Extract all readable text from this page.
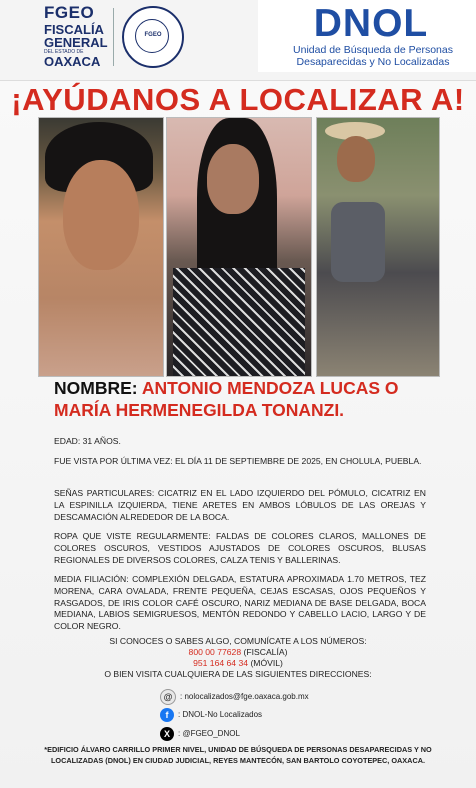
FGEO
FISCALÍA
GENERAL
DEL ESTADO DE
OAXACA
FGEO	DNOL
Unidad de Búsqueda de Personas
Desaparecidas y No Localizadas
¡AYÚDANOS A LOCALIZAR A!
NOMBRE: ANTONIO MENDOZA LUCAS O MARÍA HERMENEGILDA TONANZI.
EDAD: 31 AÑOS.
FUE VISTA POR ÚLTIMA VEZ: EL DÍA 11 DE SEPTIEMBRE DE 2025, EN CHOLULA, PUEBLA.
SEÑAS PARTICULARES: CICATRIZ EN EL LADO IZQUIERDO DEL PÓMULO, CICATRIZ EN LA ESPINILLA IZQUIERDA, TIENE ARETES EN AMBOS LÓBULOS DE LAS OREJAS Y DESCAMACIÓN ALREDEDOR DE LA BOCA.
ROPA QUE VISTE REGULARMENTE: FALDAS DE COLORES CLAROS, MALLONES DE COLORES OSCUROS, VESTIDOS AJUSTADOS DE COLORES OSCUROS, BLUSAS REGIONALES DE DIVERSOS COLORES, CALZA TENIS Y BALLERINAS.
MEDIA FILIACIÓN: COMPLEXIÓN DELGADA, ESTATURA APROXIMADA 1.70 METROS, TEZ MORENA, CARA OVALADA, FRENTE PEQUEÑA, CEJAS ESCASAS, OJOS PEQUEÑOS Y RASGADOS, DE IRIS COLOR CAFÉ OSCURO, NARIZ MEDIANA DE BASE DELGADA, BOCA MEDIANA, LABIOS SEMIGRUESOS, MENTÓN REDONDO Y CABELLO LACIO, LARGO Y DE COLOR NEGRO.
SI CONOCES O SABES ALGO, COMUNÍCATE A LOS NÚMEROS:
800 00 77628 (FISCALÍA)
951 164 64 34 (MÓVIL)
O BIEN VISITA CUALQUIERA DE LAS SIGUIENTES DIRECCIONES:
@ : nolocalizados@fge.oaxaca.gob.mx
f : DNOL-No Localizados
X : @FGEO_DNOL
*EDIFICIO ÁLVARO CARRILLO PRIMER NIVEL, UNIDAD DE BÚSQUEDA DE PERSONAS DESAPARECIDAS Y NO LOCALIZADAS (DNOL) EN CIUDAD JUDICIAL, REYES MANTECÓN, SAN BARTOLO COYOTEPEC, OAXACA.
